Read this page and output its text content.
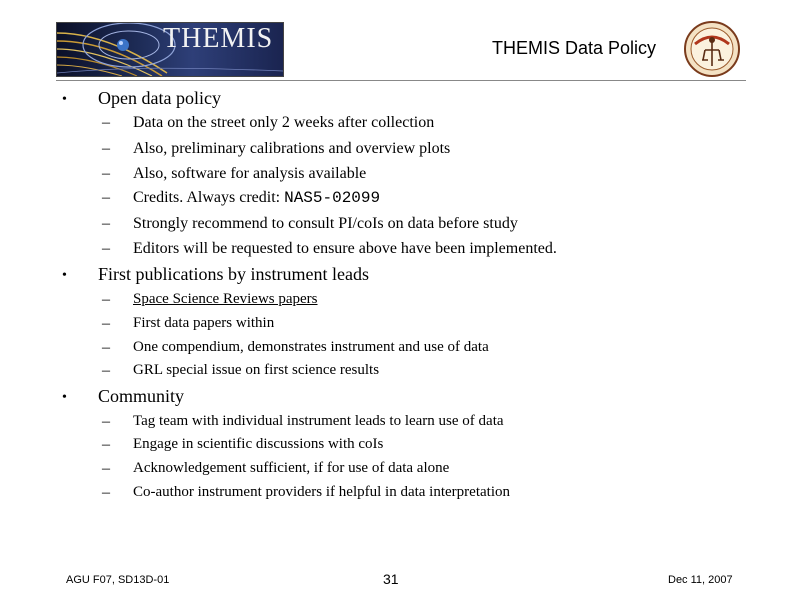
THEMIS	THEMIS Data Policy
• Open data policy
– Data on the street only 2 weeks after collection
– Also, preliminary calibrations and overview plots
– Also, software for analysis available
– Credits. Always credit: NAS5-02099
– Strongly recommend to consult PI/coIs on data before study
– Editors will be requested to ensure above have been implemented.
• First publications by instrument leads
– Space Science Reviews papers
– First data papers within
– One compendium, demonstrates instrument and use of data
– GRL special issue on first science results
• Community
– Tag team with individual instrument leads to learn use of data
– Engage in scientific discussions with coIs
– Acknowledgement sufficient, if for use of data alone
– Co-author instrument providers if helpful in data interpretation
AGU F07, SD13D-01	31	Dec 11, 2007
